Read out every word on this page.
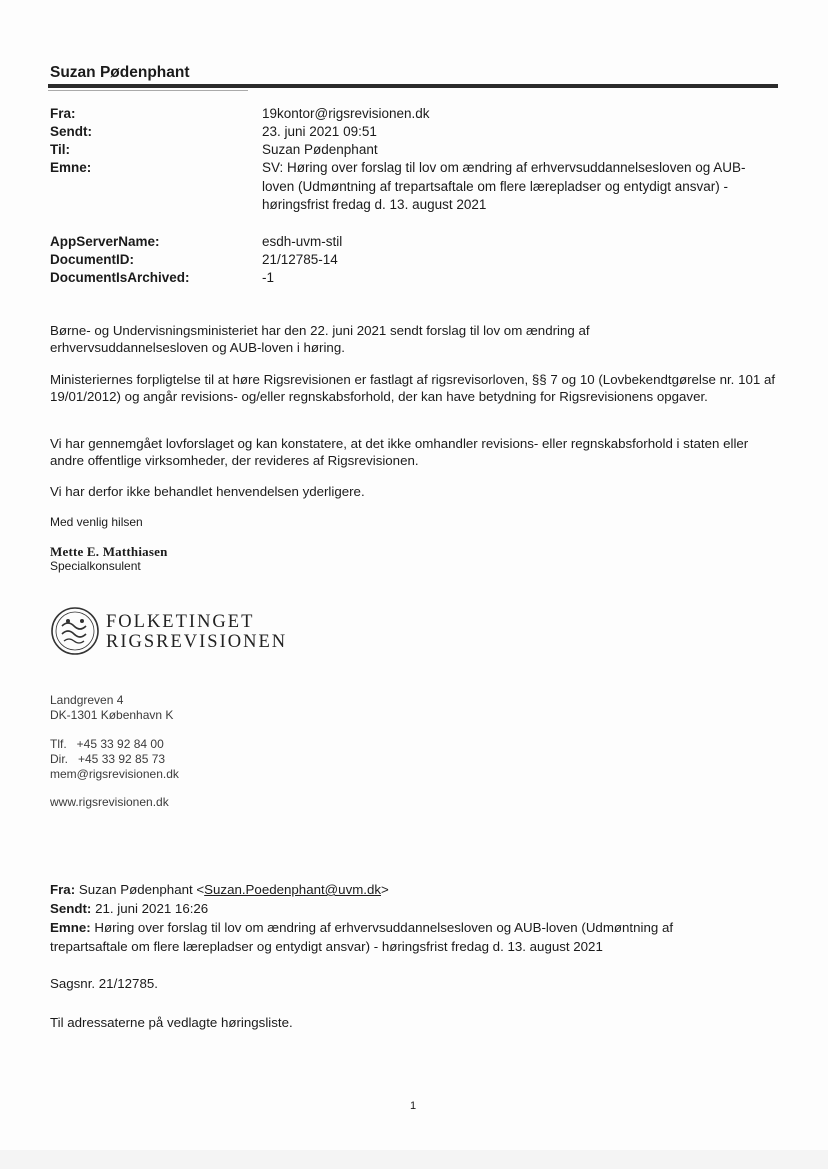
Suzan Pødenphant
Fra:	19kontor@rigsrevisionen.dk
Sendt:	23. juni 2021 09:51
Til:	Suzan Pødenphant
Emne:	SV: Høring over forslag til lov om ændring af erhvervsuddannelsesloven og AUB-loven (Udmøntning af trepartsaftale om flere lærepladser og entydigt ansvar) - høringsfrist fredag d. 13. august 2021
AppServerName:	esdh-uvm-stil
DocumentID:	21/12785-14
DocumentIsArchived:	-1
Børne- og Undervisningsministeriet har den 22. juni 2021 sendt forslag til lov om ændring af erhvervsuddannelsesloven og AUB-loven i høring.
Ministeriernes forpligtelse til at høre Rigsrevisionen er fastlagt af rigsrevisorloven, §§ 7 og 10 (Lovbekendtgørelse nr. 101 af 19/01/2012) og angår revisions- og/eller regnskabsforhold, der kan have betydning for Rigsrevisionens opgaver.
Vi har gennemgået lovforslaget og kan konstatere, at det ikke omhandler revisions- eller regnskabsforhold i staten eller andre offentlige virksomheder, der revideres af Rigsrevisionen.
Vi har derfor ikke behandlet henvendelsen yderligere.
Med venlig hilsen
Mette E. Matthiasen
Specialkonsulent
FOLKETINGET
RIGSREVISIONEN
Landgreven 4
DK-1301 København K
Tlf.   +45 33 92 84 00
Dir.   +45 33 92 85 73
mem@rigsrevisionen.dk
www.rigsrevisionen.dk
Fra: Suzan Pødenphant <Suzan.Poedenphant@uvm.dk>
Sendt: 21. juni 2021 16:26
Emne: Høring over forslag til lov om ændring af erhvervsuddannelsesloven og AUB-loven (Udmøntning af trepartsaftale om flere lærepladser og entydigt ansvar) - høringsfrist fredag d. 13. august 2021
Sagsnr. 21/12785.
Til adressaterne på vedlagte høringsliste.
1
